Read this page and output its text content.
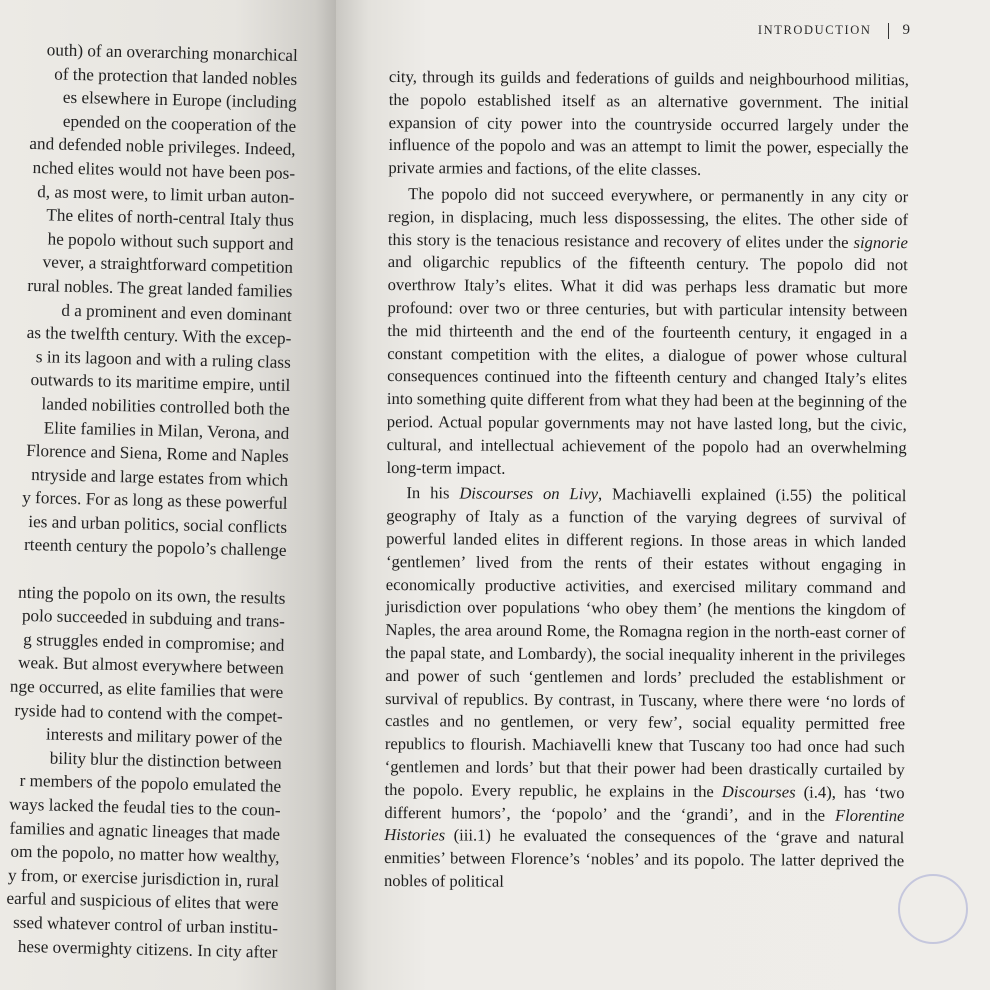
outh) of an overarching monarchical
of the protection that landed nobles
es elsewhere in Europe (including
epended on the cooperation of the
and defended noble privileges. Indeed,
nched elites would not have been pos-
d, as most were, to limit urban auton-
The elites of north-central Italy thus
he popolo without such support and
vever, a straightforward competition
rural nobles. The great landed families
d a prominent and even dominant
as the twelfth century. With the excep-
s in its lagoon and with a ruling class
outwards to its maritime empire, until
landed nobilities controlled both the
Elite families in Milan, Verona, and
Florence and Siena, Rome and Naples
ntryside and large estates from which
y forces. For as long as these powerful
ies and urban politics, social conflicts
rteenth century the popolo’s challenge
nting the popolo on its own, the results
polo succeeded in subduing and trans-
g struggles ended in compromise; and
weak. But almost everywhere between
nge occurred, as elite families that were
ryside had to contend with the compet-
interests and military power of the
bility blur the distinction between
r members of the popolo emulated the
ways lacked the feudal ties to the coun-
families and agnatic lineages that made
om the popolo, no matter how wealthy,
y from, or exercise jurisdiction in, rural
earful and suspicious of elites that were
ssed whatever control of urban institu-
hese overmighty citizens. In city after
INTRODUCTION 9

city, through its guilds and federations of guilds and neighbourhood militias, the popolo established itself as an alternative government. The initial expansion of city power into the countryside occurred largely under the influence of the popolo and was an attempt to limit the power, especially the private armies and factions, of the elite classes.

The popolo did not succeed everywhere, or permanently in any city or region, in displacing, much less dispossessing, the elites. The other side of this story is the tenacious resistance and recovery of elites under the signorie and oligarchic republics of the fifteenth century. The popolo did not overthrow Italy’s elites. What it did was perhaps less dramatic but more profound: over two or three centuries, but with particular intensity between the mid thirteenth and the end of the fourteenth century, it engaged in a constant competition with the elites, a dialogue of power whose cultural consequences continued into the fifteenth century and changed Italy’s elites into something quite different from what they had been at the beginning of the period. Actual popular governments may not have lasted long, but the civic, cultural, and intellectual achievement of the popolo had an overwhelming long-term impact.

In his Discourses on Livy, Machiavelli explained (i.55) the political geography of Italy as a function of the varying degrees of survival of powerful landed elites in different regions. In those areas in which landed ‘gentlemen’ lived from the rents of their estates without engaging in economically productive activities, and exercised military command and jurisdiction over populations ‘who obey them’ (he mentions the kingdom of Naples, the area around Rome, the Romagna region in the north-east corner of the papal state, and Lombardy), the social inequality inherent in the privileges and power of such ‘gentlemen and lords’ precluded the establishment or survival of republics. By contrast, in Tuscany, where there were ‘no lords of castles and no gentlemen, or very few’, social equality permitted free republics to flourish. Machiavelli knew that Tuscany too had once had such ‘gentlemen and lords’ but that their power had been drastically curtailed by the popolo. Every republic, he explains in the Discourses (i.4), has ‘two different humors’, the ‘popolo’ and the ‘grandi’, and in the Florentine Histories (iii.1) he evaluated the consequences of the ‘grave and natural enmities’ between Florence’s ‘nobles’ and its popolo. The latter deprived the nobles of political
